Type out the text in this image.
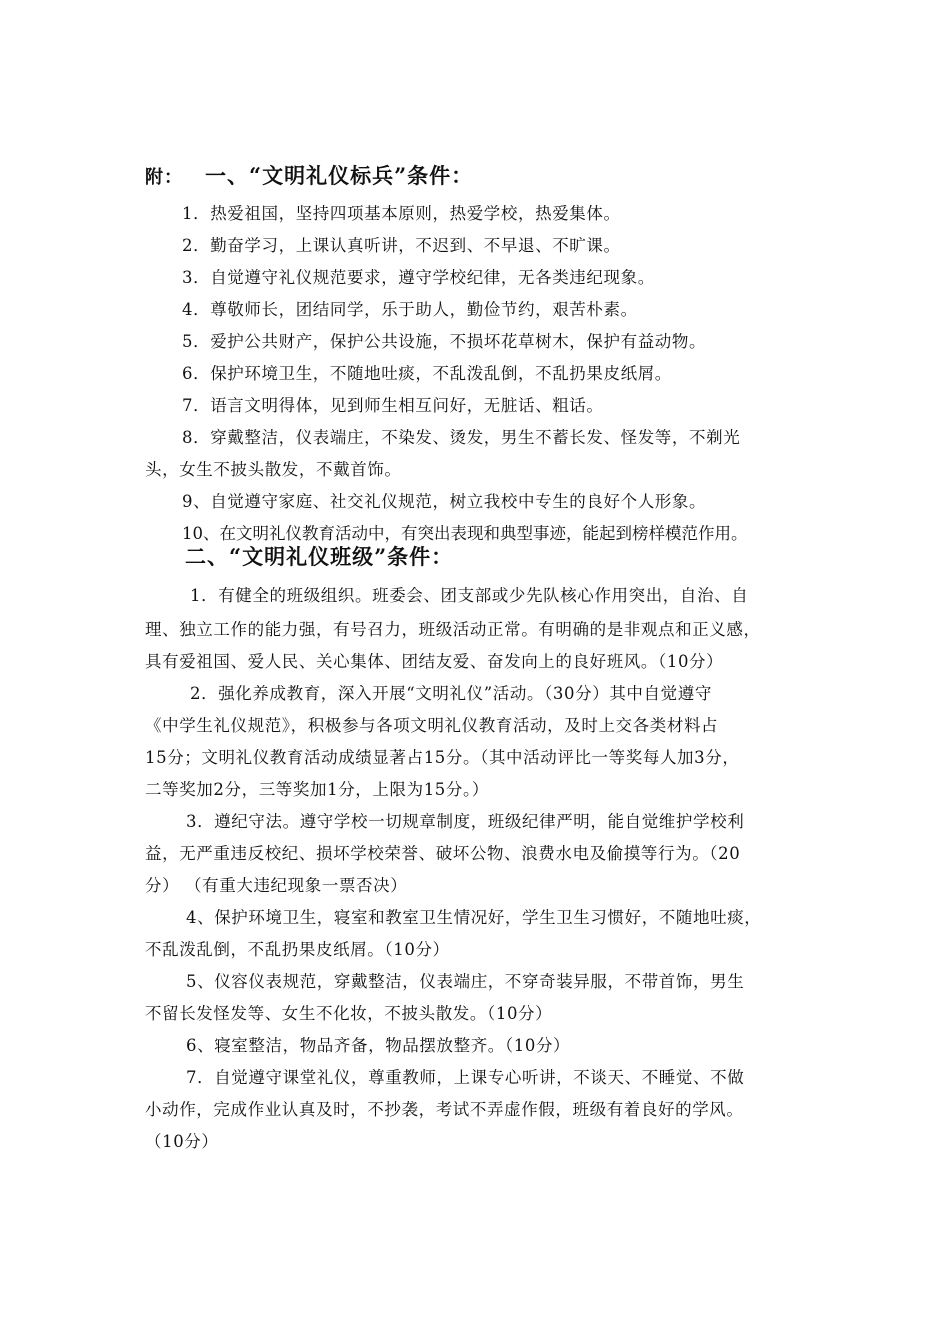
附： 一、“文明礼仪标兵”条件：
1．热爱祖国，坚持四项基本原则，热爱学校，热爱集体。
2．勤奋学习，上课认真听讲，不迟到、不早退、不旷课。
3．自觉遵守礼仪规范要求，遵守学校纪律，无各类违纪现象。
4．尊敬师长，团结同学，乐于助人，勤俭节约，艰苦朴素。
5．爱护公共财产，保护公共设施，不损坏花草树木，保护有益动物。
6．保护环境卫生，不随地吐痰，不乱泼乱倒，不乱扔果皮纸屑。
7．语言文明得体，见到师生相互问好，无脏话、粗话。
8．穿戴整洁，仪表端庄，不染发、烫发，男生不蓄长发、怪发等，不剃光
头，女生不披头散发，不戴首饰。
9、自觉遵守家庭、社交礼仪规范，树立我校中专生的良好个人形象。
10、在文明礼仪教育活动中，有突出表现和典型事迹，能起到榜样模范作用。
二、“文明礼仪班级”条件：
1．有健全的班级组织。班委会、团支部或少先队核心作用突出，自治、自
理、独立工作的能力强，有号召力，班级活动正常。有明确的是非观点和正义感，
具有爱祖国、爱人民、关心集体、团结友爱、奋发向上的良好班风。（10分）
2．强化养成教育，深入开展“文明礼仪”活动。（30分）其中自觉遵守
《中学生礼仪规范》，积极参与各项文明礼仪教育活动，及时上交各类材料占
15分；文明礼仪教育活动成绩显著占15分。（其中活动评比一等奖每人加3分，
二等奖加2分，三等奖加1分，上限为15分。）
3．遵纪守法。遵守学校一切规章制度，班级纪律严明，能自觉维护学校利
益，无严重违反校纪、损坏学校荣誉、破坏公物、浪费水电及偷摸等行为。（20
分） （有重大违纪现象一票否决）
4、保护环境卫生，寝室和教室卫生情况好，学生卫生习惯好，不随地吐痰，
不乱泼乱倒，不乱扔果皮纸屑。（10分）
5、仪容仪表规范，穿戴整洁，仪表端庄，不穿奇装异服，不带首饰，男生
不留长发怪发等、女生不化妆，不披头散发。（10分）
6、寝室整洁，物品齐备，物品摆放整齐。（10分）
7．自觉遵守课堂礼仪，尊重教师，上课专心听讲，不谈天、不睡觉、不做
小动作，完成作业认真及时，不抄袭，考试不弄虚作假，班级有着良好的学风。
（10分）
